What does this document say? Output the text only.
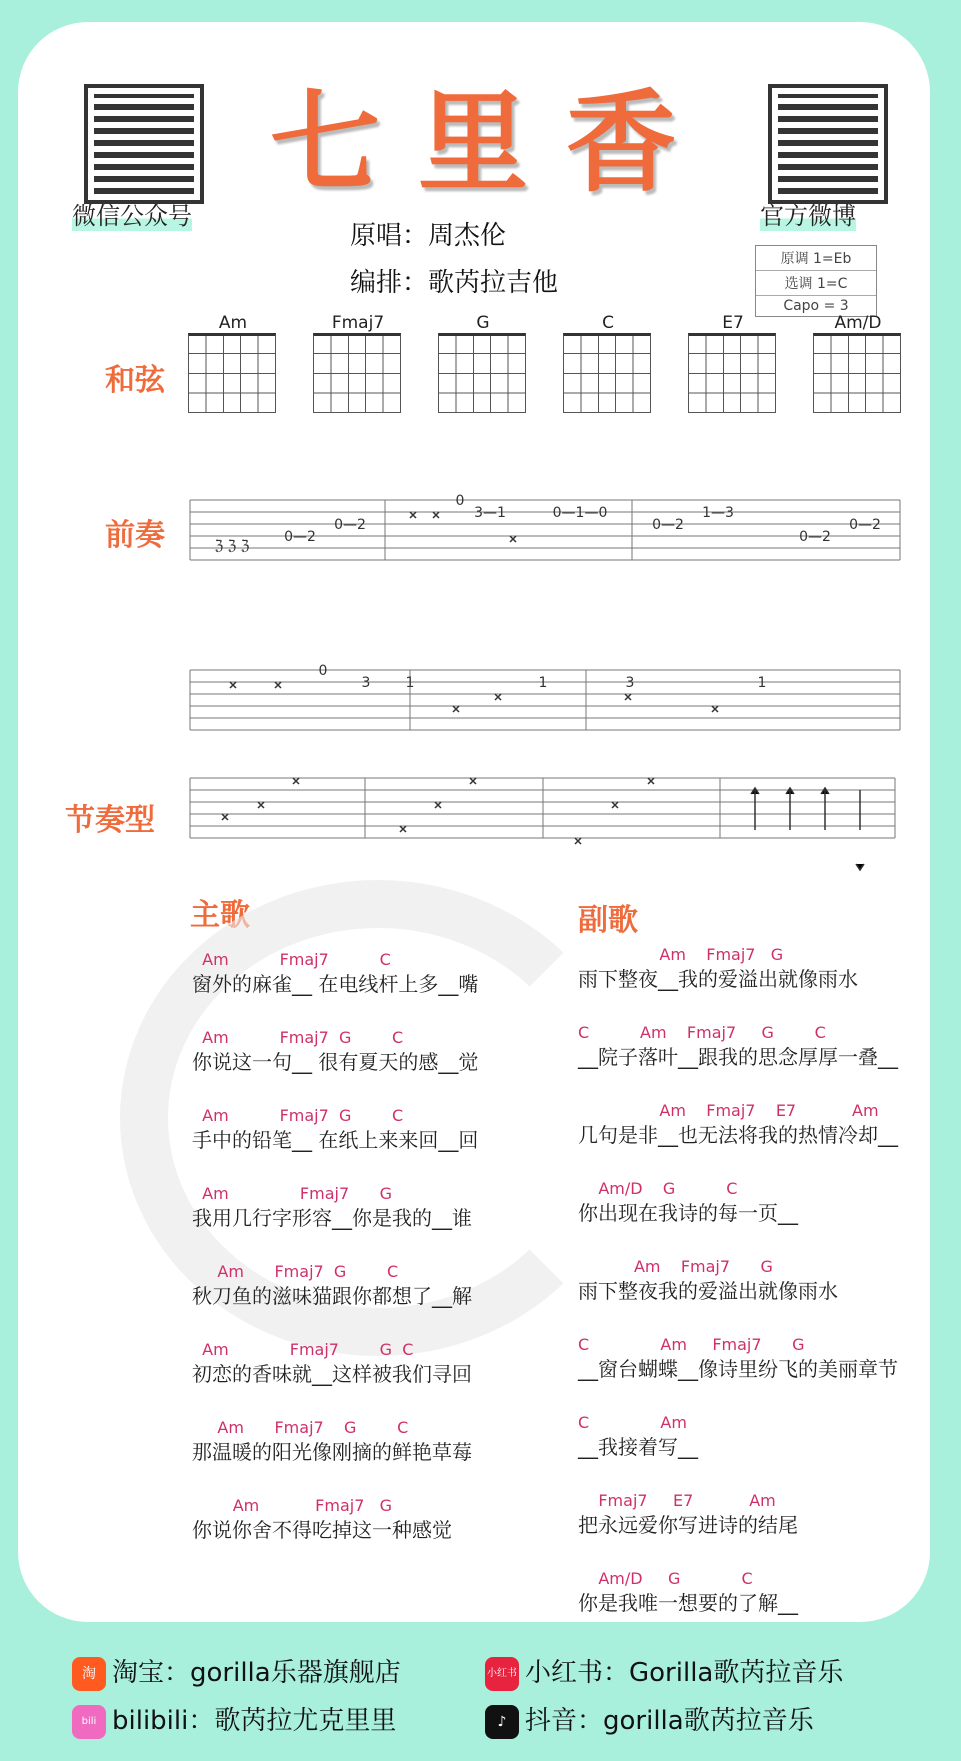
微信公众号	官方微博
七里香
原唱：周杰伦
编排：歌芮拉吉他
原调 1=Eb
选调 1=C
Capo = 3
和弦
前奏
节奏型
主歌	副歌
Am	Fmaj7	G	C	E7	Am/D
0—2
0—2
0
3—1	0—1—0
0—2
1—3
0—2
0—2
0
3	1	1	3	1
ℨ ℨ ℨ
Am          Fmaj7          C
窗外的麻雀__ 在电线杆上多__嘴
Am          Fmaj7  G        C
你说这一句__ 很有夏天的感__觉
Am          Fmaj7  G        C
手中的铅笔__ 在纸上来来回__回
Am              Fmaj7      G
我用几行字形容__你是我的__谁
Am      Fmaj7  G        C
秋刀鱼的滋味猫跟你都想了__解
Am            Fmaj7        G  C
初恋的香味就__这样被我们寻回
Am      Fmaj7    G        C
那温暖的阳光像刚摘的鲜艳草莓
Am           Fmaj7   G
你说你舍不得吃掉这一种感觉
Am    Fmaj7   G
雨下整夜__我的爱溢出就像雨水
C          Am    Fmaj7     G        C
__院子落叶__跟我的思念厚厚一叠__
Am    Fmaj7    E7           Am
几句是非__也无法将我的热情冷却__
Am/D    G          C
你出现在我诗的每一页__
Am    Fmaj7      G
雨下整夜我的爱溢出就像雨水
C              Am     Fmaj7      G
__窗台蝴蝶__像诗里纷飞的美丽章节
C              Am
__我接着写__
Fmaj7     E7           Am
把永远爱你写进诗的结尾
Am/D     G            C
你是我唯一想要的了解__
淘 淘宝：gorilla乐器旗舰店	小红书 小红书：Gorilla歌芮拉音乐
bili bilibili：歌芮拉尤克里里	♪ 抖音：gorilla歌芮拉音乐
